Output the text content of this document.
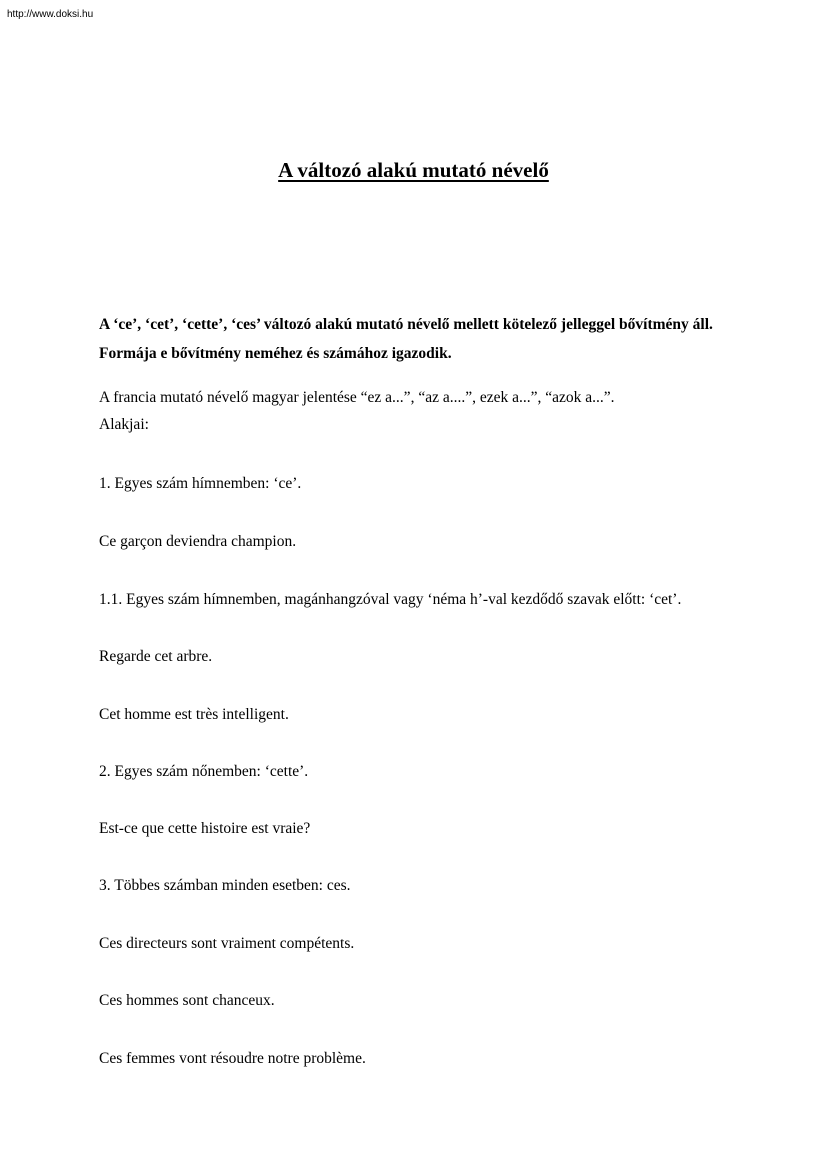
http://www.doksi.hu
A változó alakú mutató névelő

A ‘ce’, ‘cet’, ‘cette’, ‘ces’ változó alakú mutató névelő mellett kötelező jelleggel bővítmény áll. Formája e bővítmény neméhez és számához igazodik.

A francia mutató névelő magyar jelentése “ez a...”, “az a....”, ezek a...”, “azok a...”.

Alakjai:

1. Egyes szám hímnemben: ‘ce’.

Ce garçon deviendra champion.

1.1. Egyes szám hímnemben, magánhangzóval vagy ‘néma h’-val kezdődő szavak előtt: ‘cet’.

Regarde cet arbre.

Cet homme est très intelligent.

2. Egyes szám nőnemben: ‘cette’.

Est-ce que cette histoire est vraie?

3. Többes számban minden esetben: ces.

Ces directeurs sont vraiment compétents.

Ces hommes sont chanceux.

Ces femmes vont résoudre notre problème.
